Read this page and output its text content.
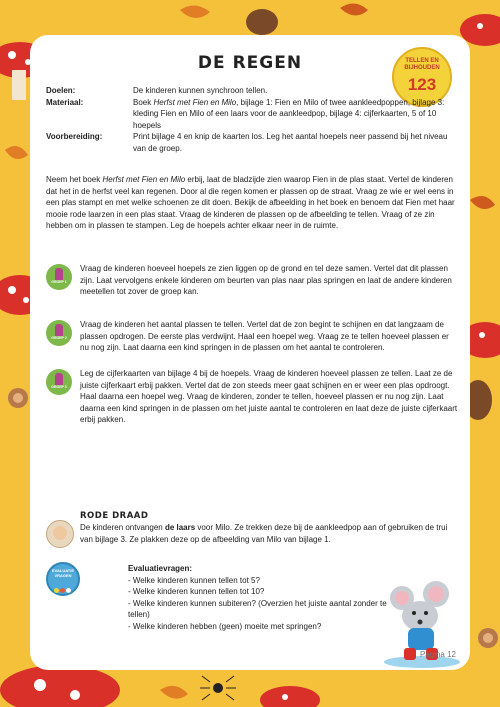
DE REGEN	TELLEN EN
BIJHOUDEN
123
Doelen:	De kinderen kunnen synchroon tellen.
Materiaal:	Boek Herfst met Fien en Milo, bijlage 1: Fien en Milo of twee aankleedpoppen, bijlage 3: kleding Fien en Milo of een laars voor de aankleedpop, bijlage 4: cijferkaarten, 5 of 10 hoepels
Voorbereiding:	Print bijlage 4 en knip de kaarten los. Leg het aantal hoepels neer passend bij het niveau van de groep.
Neem het boek Herfst met Fien en Milo erbij, laat de bladzijde zien waarop Fien in de plas staat. Vertel de kinderen dat het in de herfst veel kan regenen. Door al die regen komen er plassen op de straat. Vraag ze wie er wel eens in een plas stampt en met welke schoenen ze dit doen. Bekijk de afbeelding in het boek en benoem dat Fien met haar mooie rode laarzen in een plas staat. Vraag de kinderen de plassen op de afbeelding te tellen. Vraag of ze zin hebben om in plassen te stampen. Leg de hoepels achter elkaar neer in de ruimte.
GROEP 1
Vraag de kinderen hoeveel hoepels ze zien liggen op de grond en tel deze samen. Vertel dat dit plassen zijn. Laat vervolgens enkele kinderen om beurten van plas naar plas springen en laat de andere kinderen meetellen tot zover de groep kan.
GROEP 2
Vraag de kinderen het aantal plassen te tellen. Vertel dat de zon begint te schijnen en dat langzaam de plassen opdrogen. De eerste plas verdwijnt. Haal een hoepel weg. Vraag ze te tellen hoeveel plassen er nu nog zijn. Laat daarna een kind springen in de plassen om het aantal te controleren.
GROEP 3
Leg de cijferkaarten van bijlage 4 bij de hoepels. Vraag de kinderen hoeveel plassen ze tellen. Laat ze de juiste cijferkaart erbij pakken. Vertel dat de zon steeds meer gaat schijnen en er weer een plas opdroogt. Haal daarna een hoepel weg. Vraag de kinderen, zonder te tellen, hoeveel plassen er nu nog zijn. Laat daarna een kind springen in de plassen om het juiste aantal te controleren en laat deze de juiste cijferkaart erbij pakken.
RODE DRAAD
De kinderen ontvangen de laars voor Milo. Ze trekken deze bij de aankleedpop aan of gebruiken de trui van bijlage 3. Ze plakken deze op de afbeelding van Milo van bijlage 1.
EVALUATIE
VRAGEN
Evaluatievragen:
- Welke kinderen kunnen tellen tot 5?
- Welke kinderen kunnen tellen tot 10?
- Welke kinderen kunnen subiteren? (Overzien het juiste aantal zonder te tellen)
- Welke kinderen hebben (geen) moeite met springen?
Pagina 12
